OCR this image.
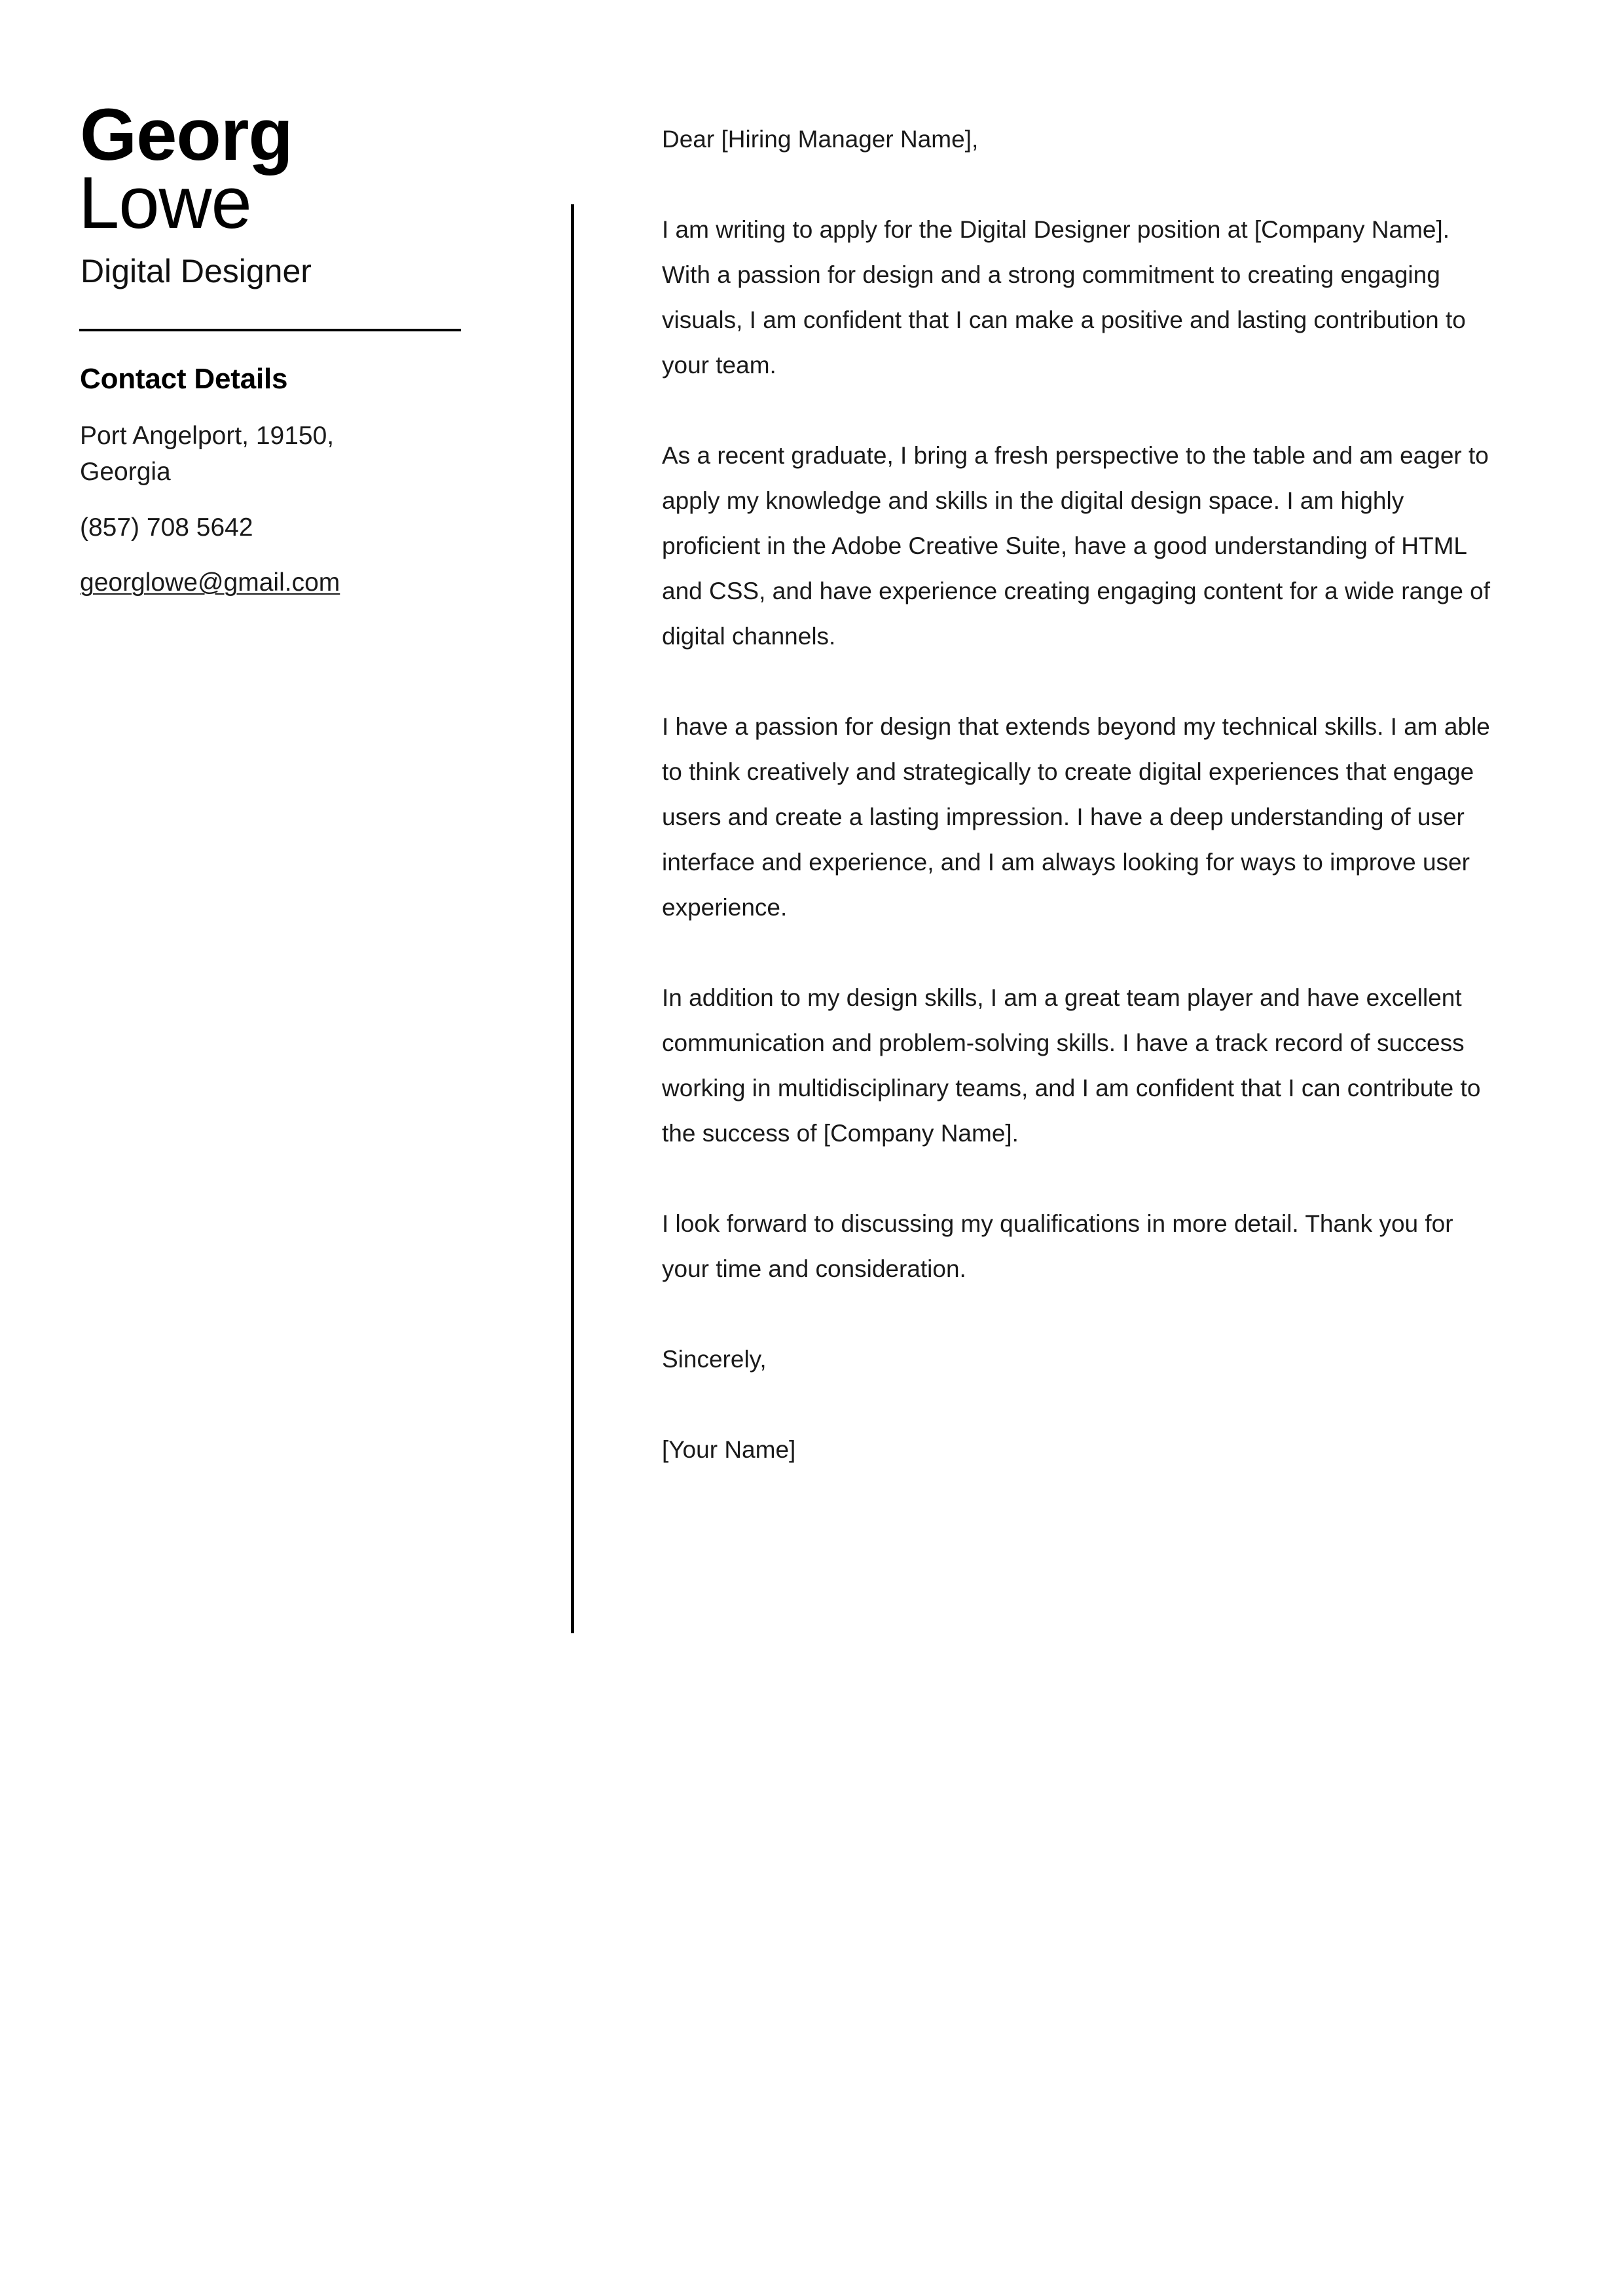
Georg
Lowe
Digital Designer
Contact Details
Port Angelport, 19150, Georgia
(857) 708 5642
georglowe@gmail.com

Dear [Hiring Manager Name],

I am writing to apply for the Digital Designer position at [Company Name]. With a passion for design and a strong commitment to creating engaging visuals, I am confident that I can make a positive and lasting contribution to your team.

As a recent graduate, I bring a fresh perspective to the table and am eager to apply my knowledge and skills in the digital design space. I am highly proficient in the Adobe Creative Suite, have a good understanding of HTML and CSS, and have experience creating engaging content for a wide range of digital channels.

I have a passion for design that extends beyond my technical skills. I am able to think creatively and strategically to create digital experiences that engage users and create a lasting impression. I have a deep understanding of user interface and experience, and I am always looking for ways to improve user experience.

In addition to my design skills, I am a great team player and have excellent communication and problem-solving skills. I have a track record of success working in multidisciplinary teams, and I am confident that I can contribute to the success of [Company Name].

I look forward to discussing my qualifications in more detail. Thank you for your time and consideration.

Sincerely,

[Your Name]
